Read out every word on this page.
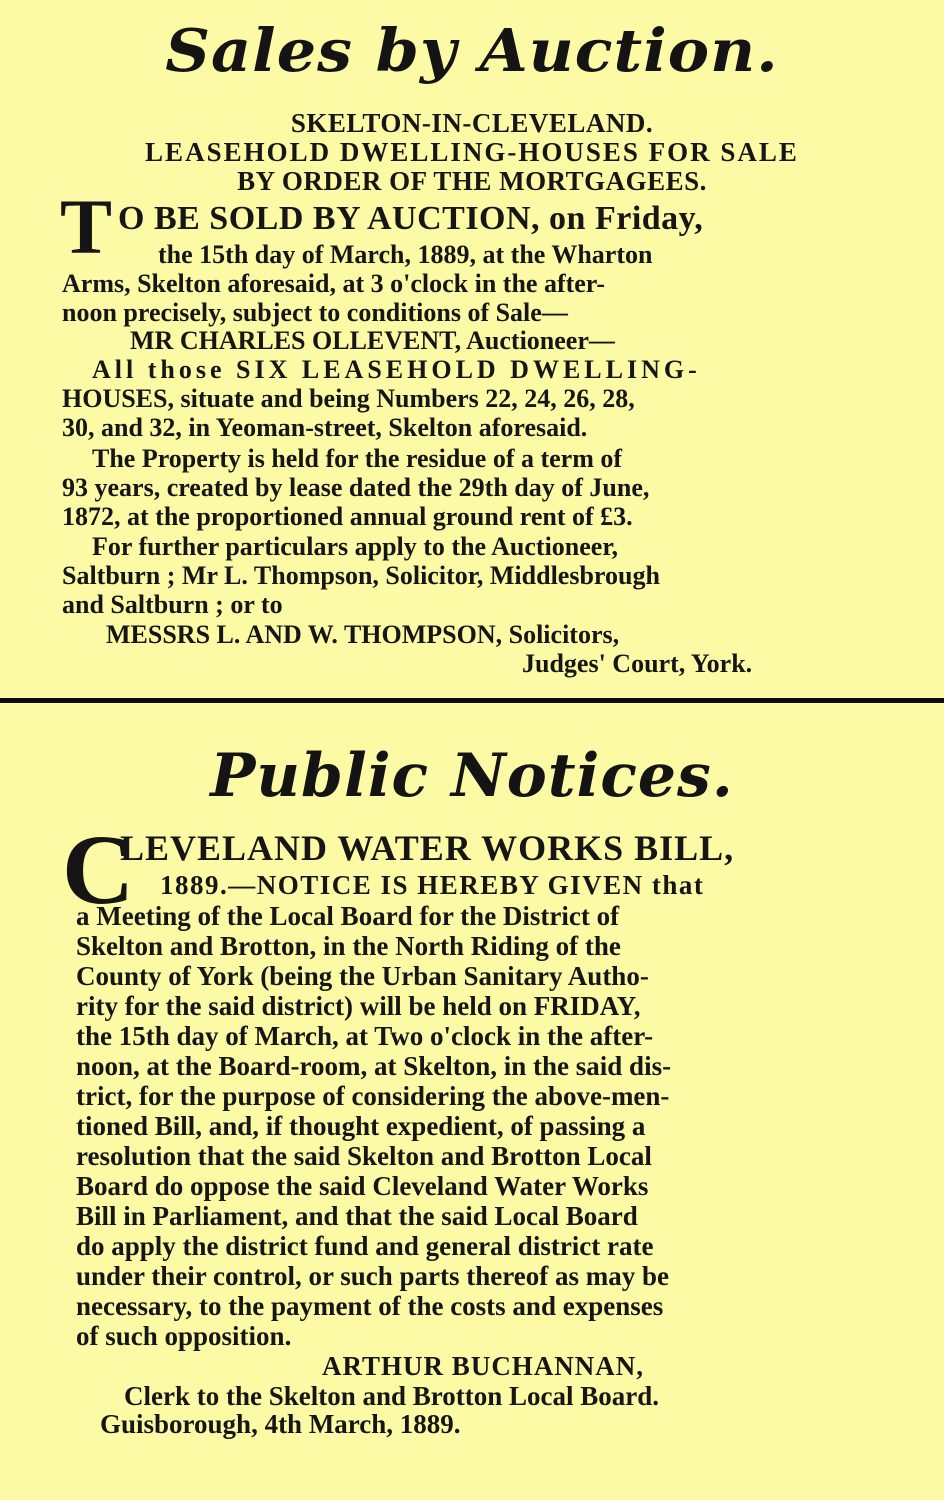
Sales by Auction.
SKELTON-IN-CLEVELAND.
LEASEHOLD DWELLING-HOUSES FOR SALE
BY ORDER OF THE MORTGAGEES.
T O BE SOLD BY AUCTION, on Friday,
the 15th day of March, 1889, at the Wharton
Arms, Skelton aforesaid, at 3 o'clock in the after-
noon precisely, subject to conditions of Sale—
MR CHARLES OLLEVENT, Auctioneer—
All those SIX LEASEHOLD DWELLING-
HOUSES, situate and being Numbers 22, 24, 26, 28,
30, and 32, in Yeoman-street, Skelton aforesaid.
The Property is held for the residue of a term of
93 years, created by lease dated the 29th day of June,
1872, at the proportioned annual ground rent of £3.
For further particulars apply to the Auctioneer,
Saltburn ; Mr L. Thompson, Solicitor, Middlesbrough
and Saltburn ; or to
MESSRS L. AND W. THOMPSON, Solicitors,
Judges' Court, York.
Public Notices.
C
LEVELAND WATER WORKS BILL,
1889.—NOTICE IS HEREBY GIVEN that
a Meeting of the Local Board for the District of
Skelton and Brotton, in the North Riding of the
County of York (being the Urban Sanitary Autho-
rity for the said district) will be held on FRIDAY,
the 15th day of March, at Two o'clock in the after-
noon, at the Board-room, at Skelton, in the said dis-
trict, for the purpose of considering the above-men-
tioned Bill, and, if thought expedient, of passing a
resolution that the said Skelton and Brotton Local
Board do oppose the said Cleveland Water Works
Bill in Parliament, and that the said Local Board
do apply the district fund and general district rate
under their control, or such parts thereof as may be
necessary, to the payment of the costs and expenses
of such opposition.
ARTHUR BUCHANNAN,
Clerk to the Skelton and Brotton Local Board.
Guisborough, 4th March, 1889.
